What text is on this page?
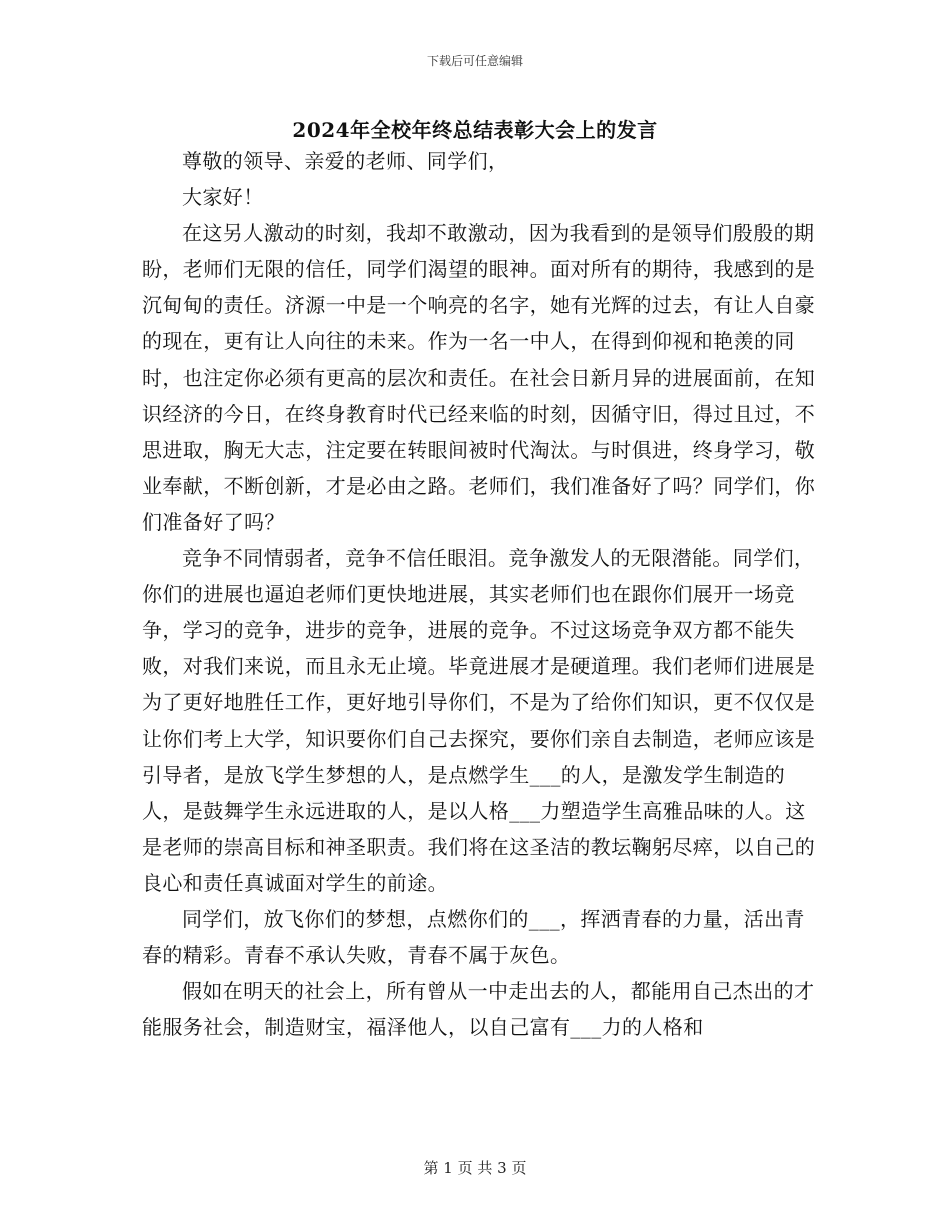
下载后可任意编辑
2024年全校年终总结表彰大会上的发言

尊敬的领导、亲爱的老师、同学们，

大家好！

在这另人激动的时刻，我却不敢激动，因为我看到的是领导们殷殷的期盼，老师们无限的信任，同学们渴望的眼神。面对所有的期待，我感到的是沉甸甸的责任。济源一中是一个响亮的名字，她有光辉的过去，有让人自豪的现在，更有让人向往的未来。作为一名一中人，在得到仰视和艳羡的同时，也注定你必须有更高的层次和责任。在社会日新月异的进展面前，在知识经济的今日，在终身教育时代已经来临的时刻，因循守旧，得过且过，不思进取，胸无大志，注定要在转眼间被时代淘汰。与时俱进，终身学习，敬业奉献，不断创新，才是必由之路。老师们，我们准备好了吗？同学们，你们准备好了吗？

竞争不同情弱者，竞争不信任眼泪。竞争激发人的无限潜能。同学们，你们的进展也逼迫老师们更快地进展，其实老师们也在跟你们展开一场竞争，学习的竞争，进步的竞争，进展的竞争。不过这场竞争双方都不能失败，对我们来说，而且永无止境。毕竟进展才是硬道理。我们老师们进展是为了更好地胜任工作，更好地引导你们，不是为了给你们知识，更不仅仅是让你们考上大学，知识要你们自己去探究，要你们亲自去制造，老师应该是引导者，是放飞学生梦想的人，是点燃学生___的人，是激发学生制造的人，是鼓舞学生永远进取的人，是以人格___力塑造学生高雅品味的人。这是老师的崇高目标和神圣职责。我们将在这圣洁的教坛鞠躬尽瘁，以自己的良心和责任真诚面对学生的前途。

同学们，放飞你们的梦想，点燃你们的___，挥洒青春的力量，活出青春的精彩。青春不承认失败，青春不属于灰色。

假如在明天的社会上，所有曾从一中走出去的人，都能用自己杰出的才能服务社会，制造财宝，福泽他人，以自己富有___力的人格和

第 1 页 共 3 页
